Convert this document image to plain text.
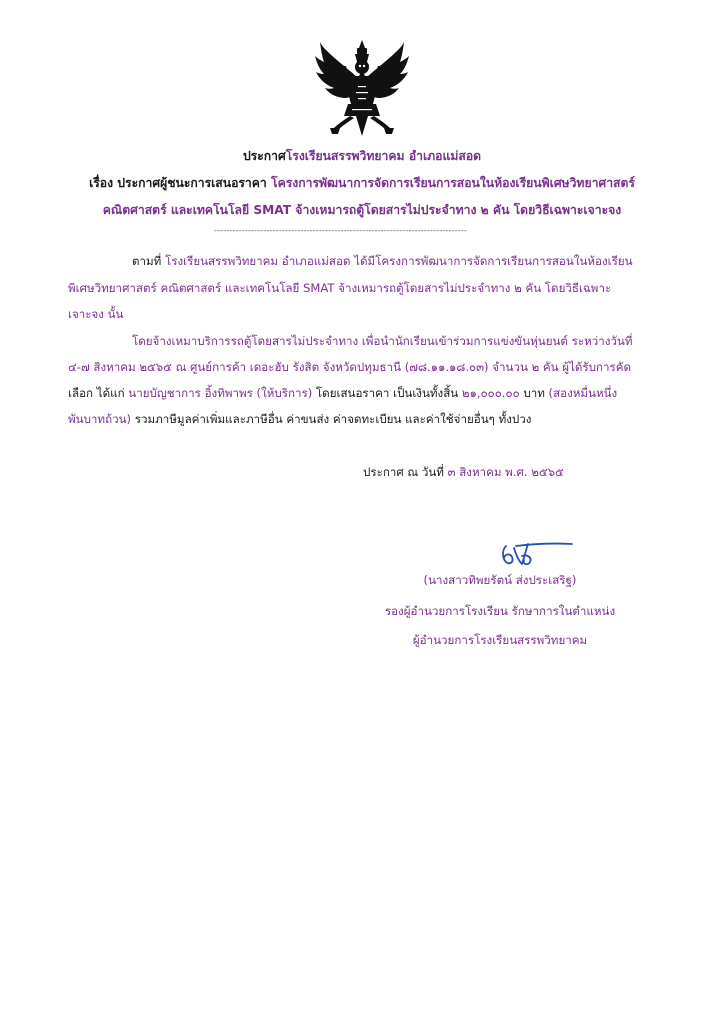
ประกาศโรงเรียนสรรพวิทยาคม อำเภอแม่สอด
เรื่อง ประกาศผู้ชนะการเสนอราคา โครงการพัฒนาการจัดการเรียนการสอนในห้องเรียนพิเศษวิทยาศาสตร์
คณิตศาสตร์ และเทคโนโลยี SMAT จ้างเหมารถตู้โดยสารไม่ประจำทาง ๒ คัน โดยวิธีเฉพาะเจาะจง
----------------------------------------------------------------------------------
ตามที่ โรงเรียนสรรพวิทยาคม อำเภอแม่สอด ได้มีโครงการพัฒนาการจัดการเรียนการสอนในห้องเรียน
พิเศษวิทยาศาสตร์ คณิตศาสตร์ และเทคโนโลยี SMAT จ้างเหมารถตู้โดยสารไม่ประจำทาง ๒ คัน โดยวิธีเฉพาะ
เจาะจง นั้น
โดยจ้างเหมาบริการรถตู้โดยสารไม่ประจำทาง เพื่อนำนักเรียนเข้าร่วมการแข่งขันหุ่นยนต์ ระหว่างวันที่
๔-๗ สิงหาคม ๒๕๖๕ ณ ศูนย์การค้า เดอะฮับ รังสิต จังหวัดปทุมธานี (๗๘.๑๑.๑๘.๐๓) จำนวน ๒ คัน ผู้ได้รับการคัด
เลือก ได้แก่ นายบัญชาการ อิ้งทิพาพร (ให้บริการ) โดยเสนอราคา เป็นเงินทั้งสิ้น ๒๑,๐๐๐.๐๐ บาท (สองหมื่นหนึ่ง
พันบาทถ้วน) รวมภาษีมูลค่าเพิ่มและภาษีอื่น ค่าขนส่ง ค่าจดทะเบียน และค่าใช้จ่ายอื่นๆ ทั้งปวง
ประกาศ ณ วันที่ ๓ สิงหาคม พ.ศ. ๒๕๖๕
(นางสาวทิพยรัตน์ ส่งประเสริฐ)
รองผู้อำนวยการโรงเรียน รักษาการในตำแหน่ง
ผู้อำนวยการโรงเรียนสรรพวิทยาคม
